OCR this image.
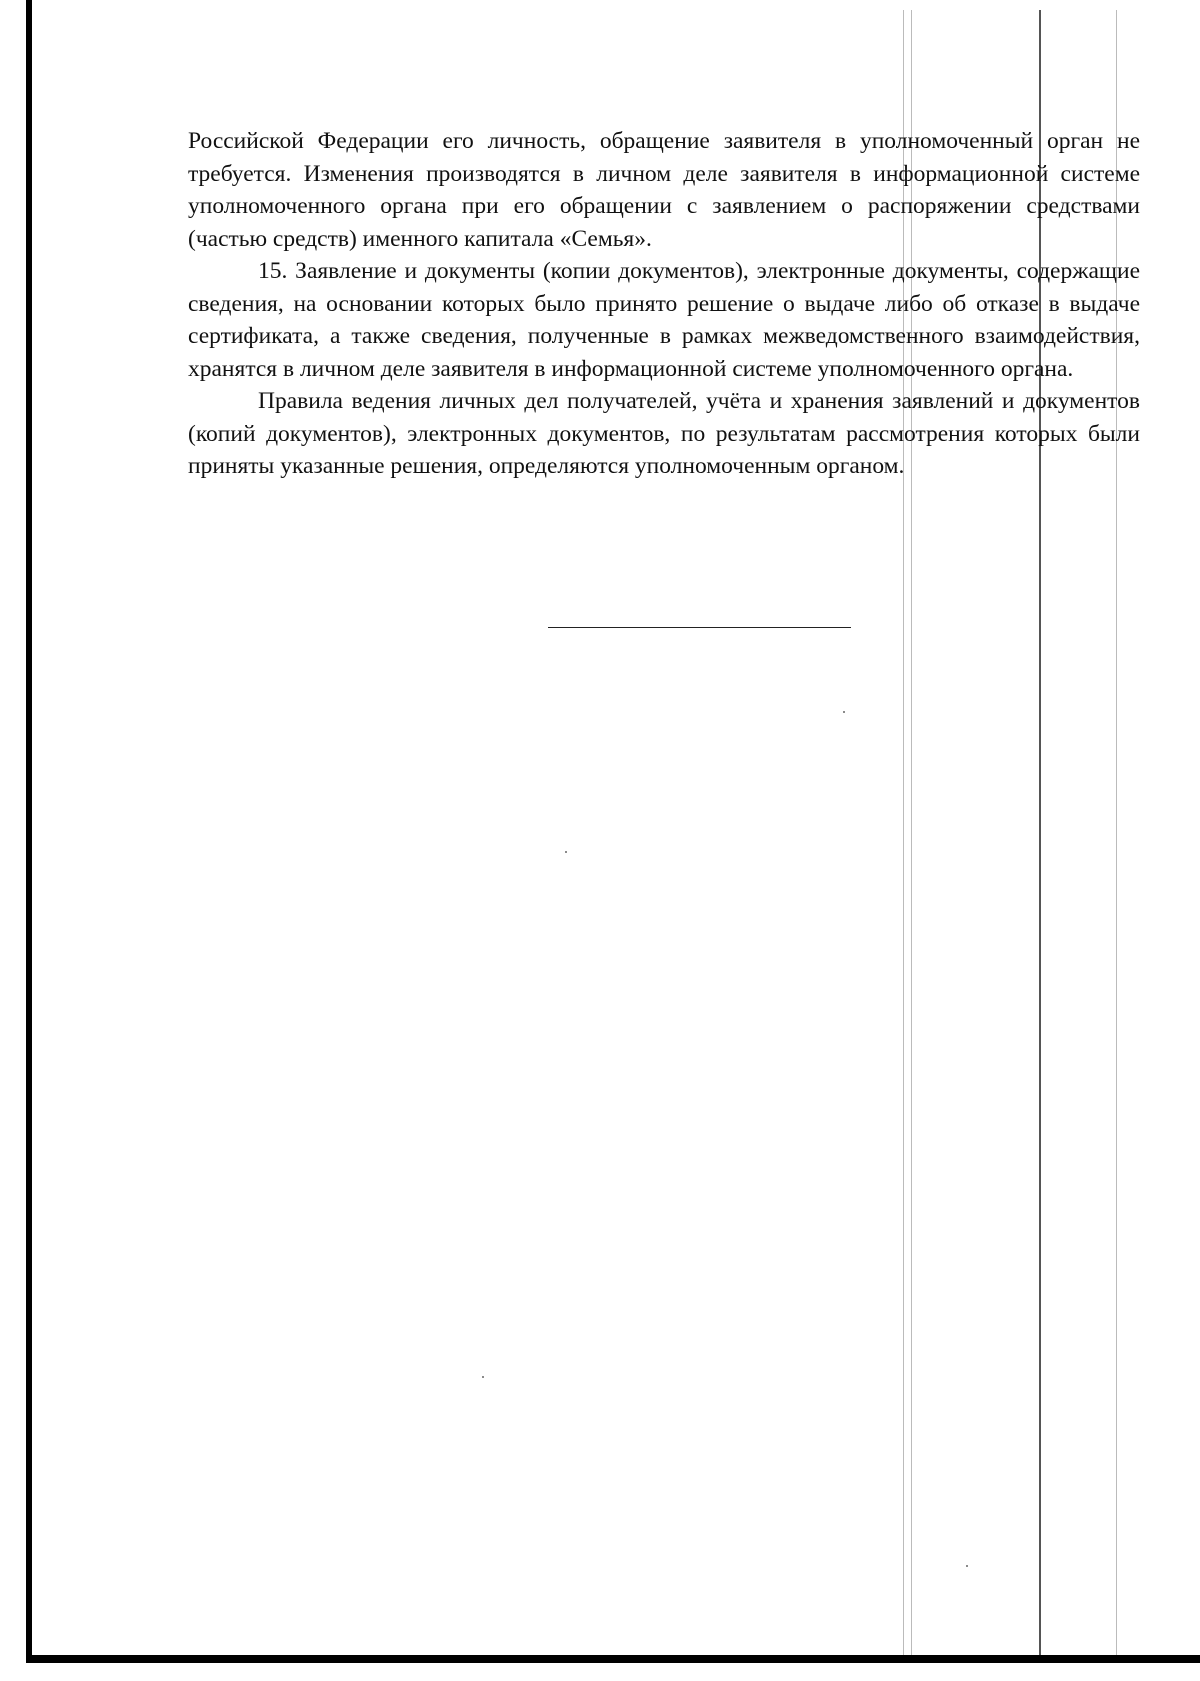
Российской Федерации его личность, обращение заявителя в уполномоченный орган не требуется. Изменения производятся в личном деле заявителя в информационной системе уполномоченного органа при его обращении с заявлением о распоряжении средствами (частью средств) именного капитала «Семья».

15. Заявление и документы (копии документов), электронные документы, содержащие сведения, на основании которых было принято решение о выдаче либо об отказе в выдаче сертификата, а также сведения, полученные в рамках межведомственного взаимодействия, хранятся в личном деле заявителя в информационной системе уполномоченного органа.

Правила ведения личных дел получателей, учёта и хранения заявлений и документов (копий документов), электронных документов, по результатам рассмотрения которых были приняты указанные решения, определяются уполномоченным органом.
